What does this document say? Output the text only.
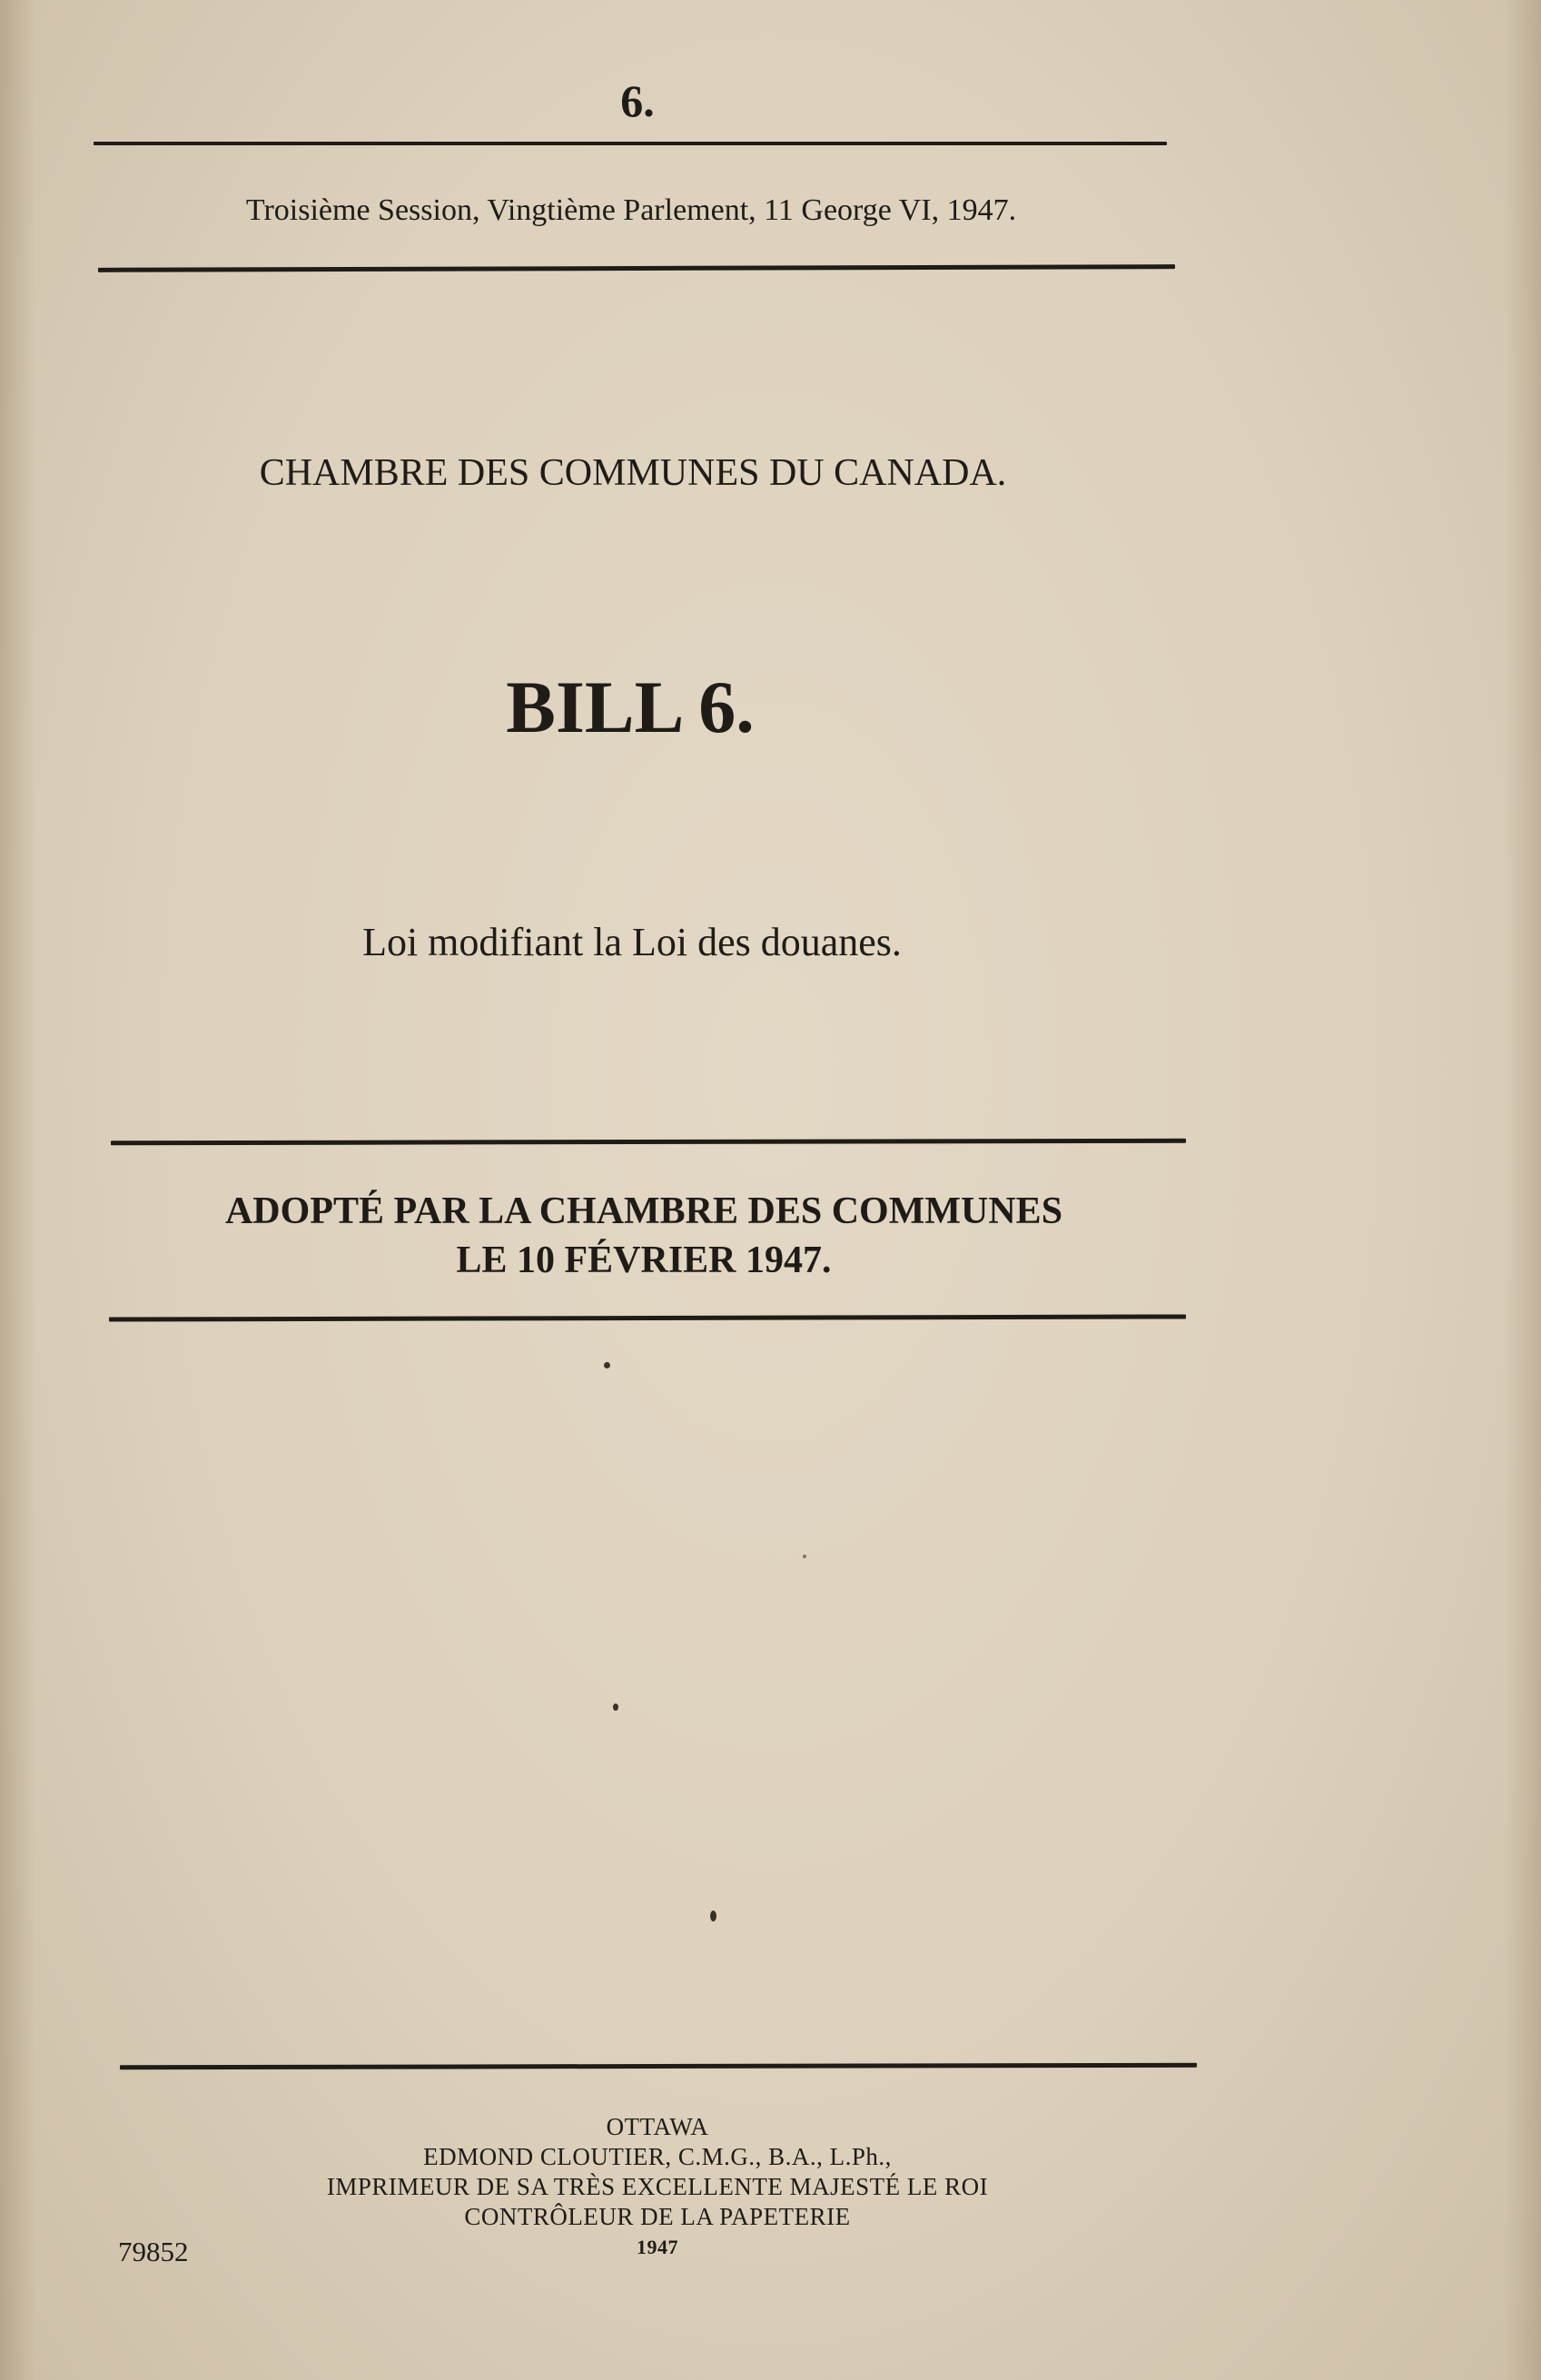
6.
Troisième Session, Vingtième Parlement, 11 George VI, 1947.
CHAMBRE DES COMMUNES DU CANADA.
BILL 6.
Loi modifiant la Loi des douanes.
ADOPTÉ PAR LA CHAMBRE DES COMMUNES
LE 10 FÉVRIER 1947.
OTTAWA
EDMOND CLOUTIER, C.M.G., B.A., L.Ph.,
IMPRIMEUR DE SA TRÈS EXCELLENTE MAJESTÉ LE ROI
CONTRÔLEUR DE LA PAPETERIE
1947
79852
